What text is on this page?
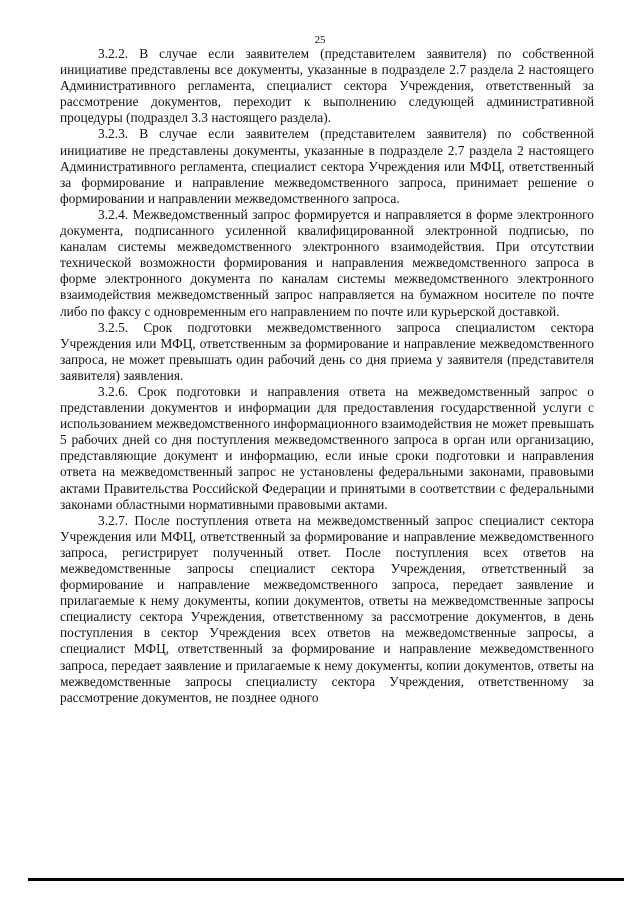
25

3.2.2. В случае если заявителем (представителем заявителя) по собственной инициативе представлены все документы, указанные в подразделе 2.7 раздела 2 настоящего Административного регламента, специалист сектора Учреждения, ответственный за рассмотрение документов, переходит к выполнению следующей административной процедуры (подраздел 3.3 настоящего раздела).

3.2.3. В случае если заявителем (представителем заявителя) по собственной инициативе не представлены документы, указанные в подразделе 2.7 раздела 2 настоящего Административного регламента, специалист сектора Учреждения или МФЦ, ответственный за формирование и направление межведомственного запроса, принимает решение о формировании и направлении межведомственного запроса.

3.2.4. Межведомственный запрос формируется и направляется в форме электронного документа, подписанного усиленной квалифицированной электронной подписью, по каналам системы межведомственного электронного взаимодействия. При отсутствии технической возможности формирования и направления межведомственного запроса в форме электронного документа по каналам системы межведомственного электронного взаимодействия межведомственный запрос направляется на бумажном носителе по почте либо по факсу с одновременным его направлением по почте или курьерской доставкой.

3.2.5. Срок подготовки межведомственного запроса специалистом сектора Учреждения или МФЦ, ответственным за формирование и направление межведомственного запроса, не может превышать один рабочий день со дня приема у заявителя (представителя заявителя) заявления.

3.2.6. Срок подготовки и направления ответа на межведомственный запрос о представлении документов и информации для предоставления государственной услуги с использованием межведомственного информационного взаимодействия не может превышать 5 рабочих дней со дня поступления межведомственного запроса в орган или организацию, представляющие документ и информацию, если иные сроки подготовки и направления ответа на межведомственный запрос не установлены федеральными законами, правовыми актами Правительства Российской Федерации и принятыми в соответствии с федеральными законами областными нормативными правовыми актами.

3.2.7. После поступления ответа на межведомственный запрос специалист сектора Учреждения или МФЦ, ответственный за формирование и направление межведомственного запроса, регистрирует полученный ответ. После поступления всех ответов на межведомственные запросы специалист сектора Учреждения, ответственный за формирование и направление межведомственного запроса, передает заявление и прилагаемые к нему документы, копии документов, ответы на межведомственные запросы специалисту сектора Учреждения, ответственному за рассмотрение документов, в день поступления в сектор Учреждения всех ответов на межведомственные запросы, а специалист МФЦ, ответственный за формирование и направление межведомственного запроса, передает заявление и прилагаемые к нему документы, копии документов, ответы на межведомственные запросы специалисту сектора Учреждения, ответственному за рассмотрение документов, не позднее одного
